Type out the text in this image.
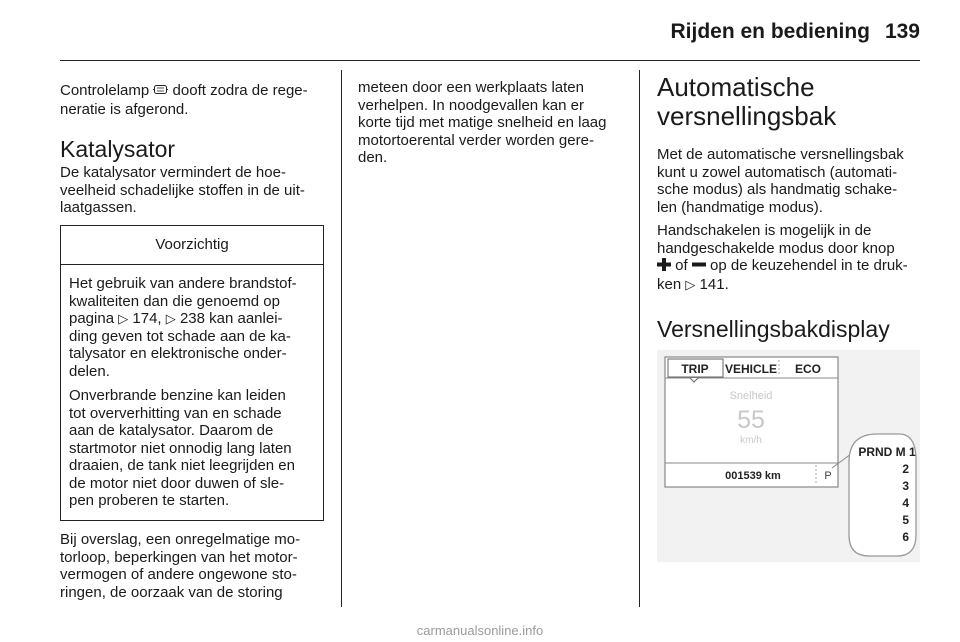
Rijden en bediening 139

Controlelamp  dooft zodra de rege-
neratie is afgerond.

Katalysator

De katalysator vermindert de hoe-
veelheid schadelijke stoffen in de uit-
laatgassen.

Voorzichtig

Het gebruik van andere brandstof-
kwaliteiten dan die genoemd op
pagina ▷ 174, ▷ 238 kan aanlei-
ding geven tot schade aan de ka-
talysator en elektronische onder-
delen.

Onverbrande benzine kan leiden
tot oververhitting van en schade
aan de katalysator. Daarom de
startmotor niet onnodig lang laten
draaien, de tank niet leegrijden en
de motor niet door duwen of sle-
pen proberen te starten.

Bij overslag, een onregelmatige mo-
torloop, beperkingen van het motor-
vermogen of andere ongewone sto-
ringen, de oorzaak van de storing

meteen door een werkplaats laten
verhelpen. In noodgevallen kan er
korte tijd met matige snelheid en laag
motortoerental verder worden gere-
den.

Automatische
versnellingsbak

Met de automatische versnellingsbak
kunt u zowel automatisch (automati-
sche modus) als handmatig schake-
len (handmatige modus).

Handschakelen is mogelijk in de
handgeschakelde modus door knop
of  op de keuzehendel in te druk-
ken ▷ 141.

Versnellingsbakdisplay
TRIP VEHICLE ECO
Snelheid
55
km/h
001539 km	P
PRND M 1
2
3
4
5
6
carmanualsonline.info
